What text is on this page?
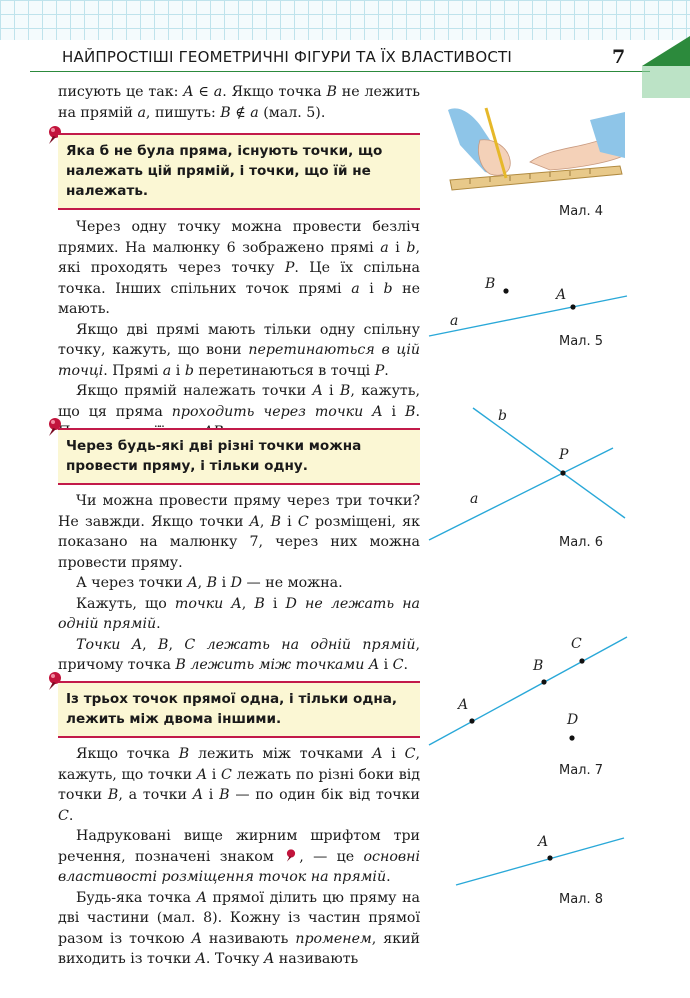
НАЙПРОСТІШІ ГЕОМЕТРИЧНІ ФІГУРИ ТА ЇХ ВЛАСТИВОСТІ	7

писують це так: A ∈ a. Якщо точка B не лежить на прямій a, пишуть: B ∉ a (мал. 5).

Яка б не була пряма, існують точки, що належать цій прямій, і точки, що їй не належать.

Через одну точку можна провести безліч прямих. На малюнку 6 зображено прямі a і b, які проходять через точку P. Це їх спільна точка. Інших спільних точок прямі a і b не мають.

Якщо дві прямі мають тільки одну спільну точку, кажуть, що вони перетинаються в цій точці. Прямі a і b перетинаються в точці P.

Якщо прямій належать точки A і B, кажуть, що ця пряма проходить через точки A і B.

Через будь-які дві різні точки можна провести пряму, і тільки одну.

Чи можна провести пряму через три точки? Не завжди. Якщо точки A, B і C розміщені, як показано на малюнку 7, через них можна провести пряму.

А через точки A, B і D — не можна.

Кажуть, що точки A, B і D не лежать на одній прямій.

Точки A, B, C лежать на одній прямій, причому точка B лежить між точками A і C.

Із трьох точок прямої одна, і тільки одна, лежить між двома іншими.

Якщо точка B лежить між точками A і C, кажуть, що точки A і C лежать по різні боки від точки B, а точки A і B — по один бік від точки C.

Надруковані вище жирним шрифтом три речення, позначені знаком , — це основні властивості розміщення точок на прямій.

Будь-яка точка A прямої ділить цю пряму на дві частини (мал. 8). Кожну із частин прямої разом із точкою A називають променем, який виходить із точки A. Точку A називають

Мал. 4
B
A
a
Мал. 5
b
P
a
Мал. 6
A
B
C
D
Мал. 7
A
Мал. 8
